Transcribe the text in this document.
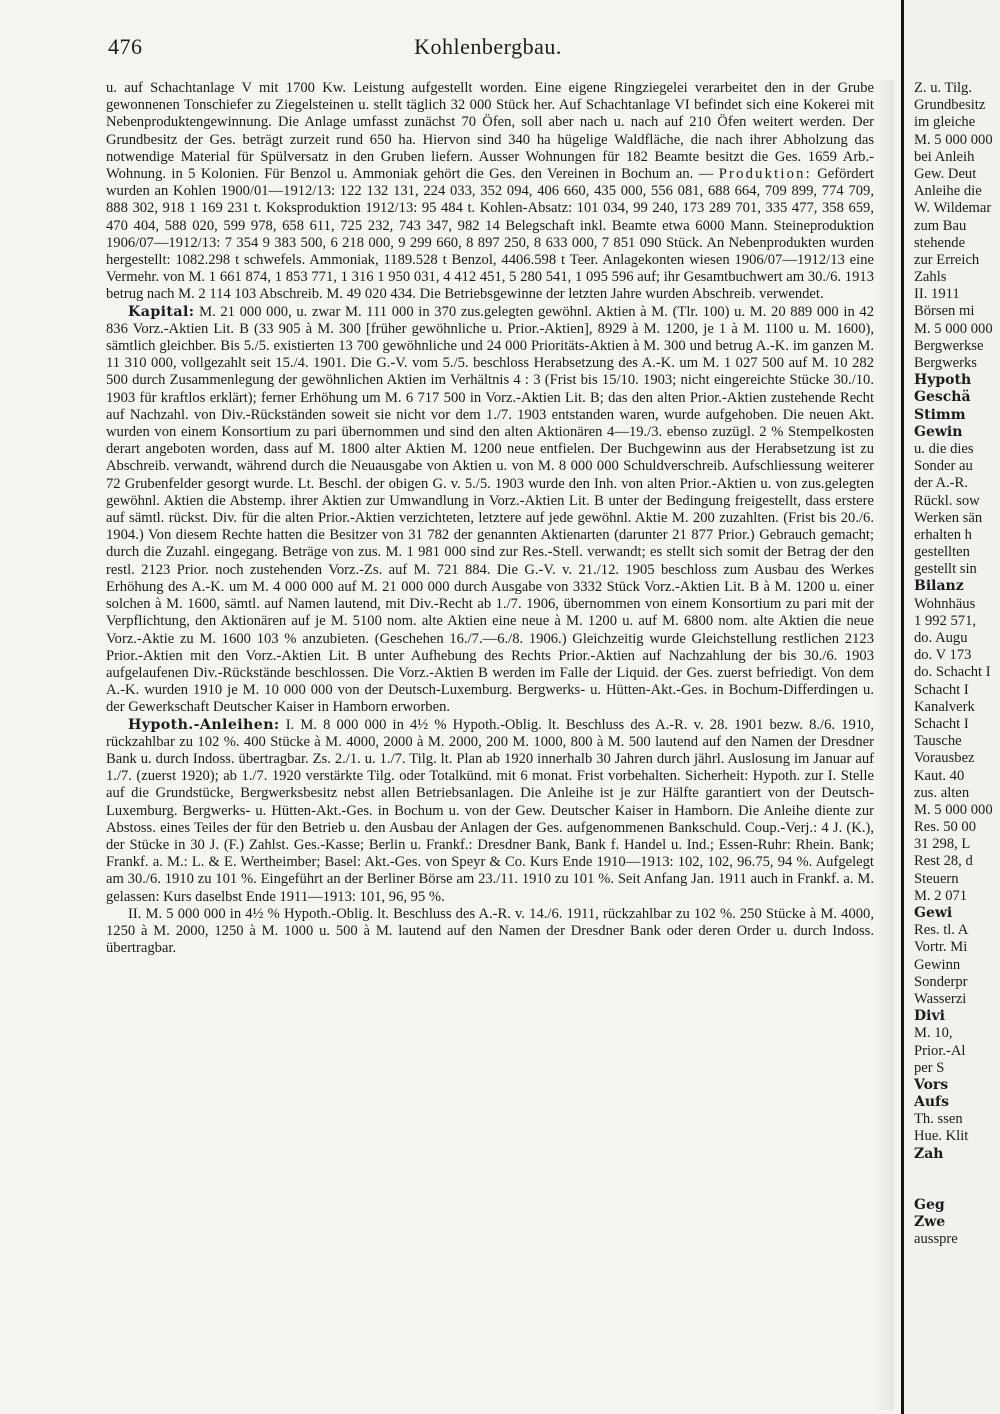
476	Kohlenbergbau.

u. auf Schachtanlage V mit 1700 Kw. Leistung aufgestellt worden. Eine eigene Ringziegelei verarbeitet den in der Grube gewonnenen Tonschiefer zu Ziegelsteinen u. stellt täglich 32 000 Stück her. Auf Schachtanlage VI befindet sich eine Kokerei mit Nebenproduktengewinnung. Die Anlage umfasst zunächst 70 Öfen, soll aber nach u. nach auf 210 Öfen weitert werden. Der Grundbesitz der Ges. beträgt zurzeit rund 650 ha. Hiervon sind 340 ha hügelige Waldfläche, die nach ihrer Abholzung das notwendige Material für Spülversatz in den Gruben liefern. Ausser Wohnungen für 182 Beamte besitzt die Ges. 1659 Arb.-Wohnung. in 5 Kolonien. Für Benzol u. Ammoniak gehört die Ges. den Vereinen in Bochum an. — Produktion: Gefördert wurden an Kohlen 1900/01—1912/13: 122 132 131, 224 033, 352 094, 406 660, 435 000, 556 081, 688 664, 709 899, 774 709, 888 302, 918 1 169 231 t. Koksproduktion 1912/13: 95 484 t. Kohlen-Absatz: 101 034, 99 240, 173 289 701, 335 477, 358 659, 470 404, 588 020, 599 978, 658 611, 725 232, 743 347, 982 14 Belegschaft inkl. Beamte etwa 6000 Mann. Steineproduktion 1906/07—1912/13: 7 354 9 383 500, 6 218 000, 9 299 660, 8 897 250, 8 633 000, 7 851 090 Stück. An Nebenprodukten wurden hergestellt: 1082.298 t schwefels. Ammoniak, 1189.528 t Benzol, 4406.598 t Teer. Anlagekonten wiesen 1906/07—1912/13 eine Vermehr. von M. 1 661 874, 1 853 771, 1 316 1 950 031, 4 412 451, 5 280 541, 1 095 596 auf; ihr Gesamtbuchwert am 30./6. 1913 betrug nach M. 2 114 103 Abschreib. M. 49 020 434. Die Betriebsgewinne der letzten Jahre wurden Abschreib. verwendet.

Kapital: M. 21 000 000, u. zwar M. 111 000 in 370 zus.gelegten gewöhnl. Aktien à M. (Tlr. 100) u. M. 20 889 000 in 42 836 Vorz.-Aktien Lit. B (33 905 à M. 300 [früher gewöhnliche u. Prior.-Aktien], 8929 à M. 1200, je 1 à M. 1100 u. M. 1600), sämtlich gleichber. Bis 5./5. existierten 13 700 gewöhnliche und 24 000 Prioritäts-Aktien à M. 300 und betrug A.-K. im ganzen M. 11 310 000, vollgezahlt seit 15./4. 1901. Die G.-V. vom 5./5. beschloss Herabsetzung des A.-K. um M. 1 027 500 auf M. 10 282 500 durch Zusammenlegung der gewöhnlichen Aktien im Verhältnis 4 : 3 (Frist bis 15/10. 1903; nicht eingereichte Stücke 30./10. 1903 für kraftlos erklärt); ferner Erhöhung um M. 6 717 500 in Vorz.-Aktien Lit. B; das den alten Prior.-Aktien zustehende Recht auf Nachzahl. von Div.-Rückständen soweit sie nicht vor dem 1./7. 1903 entstanden waren, wurde aufgehoben. Die neuen Akt. wurden von einem Konsortium zu pari übernommen und sind den alten Aktionären 4—19./3. ebenso zuzügl. 2 % Stempelkosten derart angeboten worden, dass auf M. 1800 alter Aktien M. 1200 neue entfielen. Der Buchgewinn aus der Herabsetzung ist zu Abschreib. verwandt, während durch die Neuausgabe von Aktien u. von M. 8 000 000 Schuldverschreib. Aufschliessung weiterer 72 Grubenfelder gesorgt wurde. Lt. Beschl. der obigen G. v. 5./5. 1903 wurde den Inh. von alten Prior.-Aktien u. von zus.gelegten gewöhnl. Aktien die Abstemp. ihrer Aktien zur Umwandlung in Vorz.-Aktien Lit. B unter der Bedingung freigestellt, dass erstere auf sämtl. rückst. Div. für die alten Prior.-Aktien verzichteten, letztere auf jede gewöhnl. Aktie M. 200 zuzahlten. (Frist bis 20./6. 1904.) Von diesem Rechte hatten die Besitzer von 31 782 der genannten Aktienarten (darunter 21 877 Prior.) Gebrauch gemacht; durch die Zuzahl. eingegang. Beträge von zus. M. 1 981 000 sind zur Res.-Stell. verwandt; es stellt sich somit der Betrag der den restl. 2123 Prior. noch zustehenden Vorz.-Zs. auf M. 721 884. Die G.-V. v. 21./12. 1905 beschloss zum Ausbau des Werkes Erhöhung des A.-K. um M. 4 000 000 auf M. 21 000 000 durch Ausgabe von 3332 Stück Vorz.-Aktien Lit. B à M. 1200 u. einer solchen à M. 1600, sämtl. auf Namen lautend, mit Div.-Recht ab 1./7. 1906, übernommen von einem Konsortium zu pari mit der Verpflichtung, den Aktionären auf je M. 5100 nom. alte Aktien eine neue à M. 1200 u. auf M. 6800 nom. alte Aktien die neue Vorz.-Aktie zu M. 1600 103 % anzubieten. (Geschehen 16./7.—6./8. 1906.) Gleichzeitig wurde Gleichstellung restlichen 2123 Prior.-Aktien mit den Vorz.-Aktien Lit. B unter Aufhebung des Rechts Prior.-Aktien auf Nachzahlung der bis 30./6. 1903 aufgelaufenen Div.-Rückstände beschlossen. Die Vorz.-Aktien B werden im Falle der Liquid. der Ges. zuerst befriedigt. Von dem A.-K. wurden 1910 je M. 10 000 000 von der Deutsch-Luxemburg. Bergwerks- u. Hütten-Akt.-Ges. in Bochum-Differdingen u. der Gewerkschaft Deutscher Kaiser in Hamborn erworben.

Hypoth.-Anleihen: I. M. 8 000 000 in 4½ % Hypoth.-Oblig. lt. Beschluss des A.-R. v. 28. 1901 bezw. 8./6. 1910, rückzahlbar zu 102 %. 400 Stücke à M. 4000, 2000 à M. 2000, 200 M. 1000, 800 à M. 500 lautend auf den Namen der Dresdner Bank u. durch Indoss. übertragbar. Zs. 2./1. u. 1./7. Tilg. lt. Plan ab 1920 innerhalb 30 Jahren durch jährl. Auslosung im Januar auf 1./7. (zuerst 1920); ab 1./7. 1920 verstärkte Tilg. oder Totalkünd. mit 6 monat. Frist vorbehalten. Sicherheit: Hypoth. zur I. Stelle auf die Grundstücke, Bergwerksbesitz nebst allen Betriebsanlagen. Die Anleihe ist je zur Hälfte garantiert von der Deutsch-Luxemburg. Bergwerks- u. Hütten-Akt.-Ges. in Bochum u. von der Gew. Deutscher Kaiser in Hamborn. Die Anleihe diente zur Abstoss. eines Teiles der für den Betrieb u. den Ausbau der Anlagen der Ges. aufgenommenen Bankschuld. Coup.-Verj.: 4 J. (K.), der Stücke in 30 J. (F.) Zahlst. Ges.-Kasse; Berlin u. Frankf.: Dresdner Bank, Bank f. Handel u. Ind.; Essen-Ruhr: Rhein. Bank; Frankf. a. M.: L. & E. Wertheimber; Basel: Akt.-Ges. von Speyr & Co. Kurs Ende 1910—1913: 102, 102, 96.75, 94 %. Aufgelegt am 30./6. 1910 zu 101 %. Eingeführt an der Berliner Börse am 23./11. 1910 zu 101 %. Seit Anfang Jan. 1911 auch in Frankf. a. M. gelassen: Kurs daselbst Ende 1911—1913: 101, 96, 95 %.

II. M. 5 000 000 in 4½ % Hypoth.-Oblig. lt. Beschluss des A.-R. v. 14./6. 1911, rückzahlbar zu 102 %. 250 Stücke à M. 4000, 1250 à M. 2000, 1250 à M. 1000 u. 500 à M. lautend auf den Namen der Dresdner Bank oder deren Order u. durch Indoss. übertragbar.

Z. u. Tilg.
Grundbesitz
im gleiche
M. 5 000 000
bei Anleih
Gew. Deut
Anleihe die
W. Wildemar
zum Bau
stehende
zur Erreich
Zahls
II. 1911
Börsen mi
M. 5 000 000
Bergwerkse
Bergwerks
Hypoth
Geschä
Stimm
Gewin
u. die dies
Sonder au
der A.-R.
Rückl. sow
Werken sän
erhalten h
gestellten
gestellt sin
Bilanz
Wohnhäus
1 992 571,
do. Augu
do. V 173
do. Schacht I
Schacht I
Kanalverk
Schacht I
Tausche
Vorausbez
Kaut. 40
zus. alten
M. 5 000 000
Res. 50 00
31 298, L
Rest 28, d
Steuern
M. 2 071
Gewi
Res. tl. A
Vortr. Mi
Gewinn
Sonderpr
Wasserzi
Divi
M. 10,
Prior.-Al
per S
Vors
Aufs
Th. ssen
Hue. Klit
Zah
Geg
Zwe
ausspre
